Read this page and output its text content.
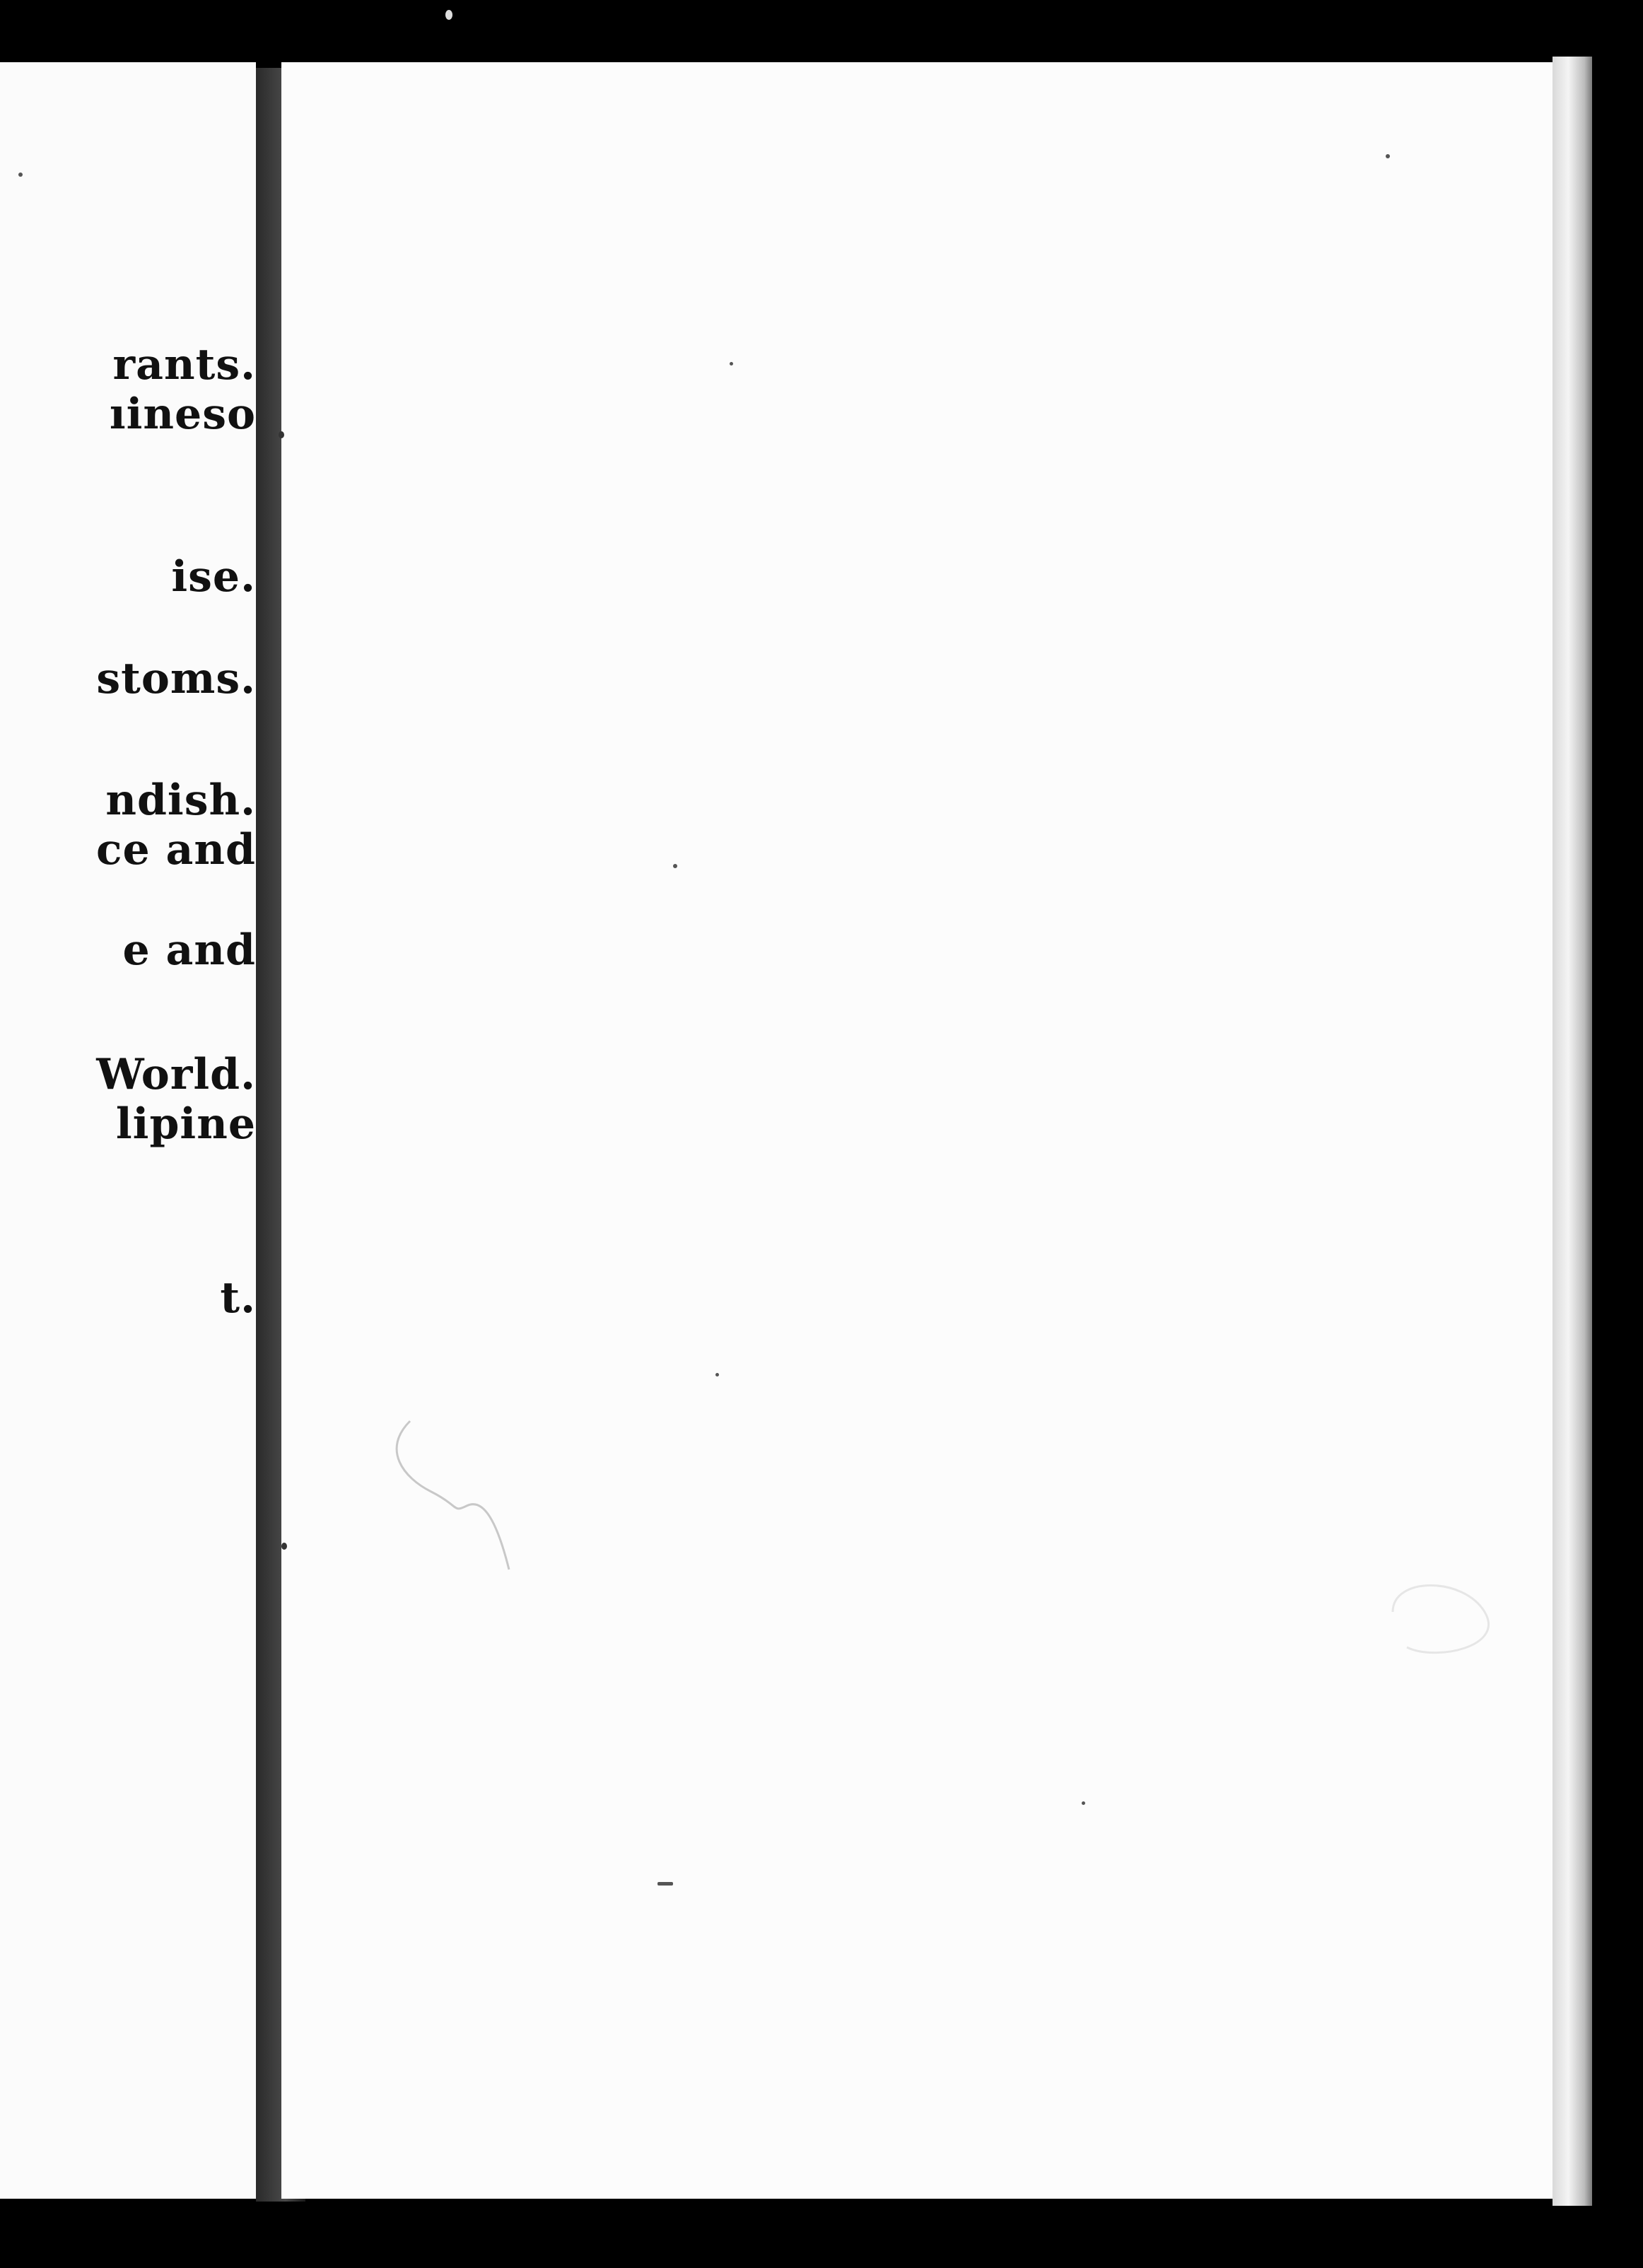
rants.
ıineso
ise.
stoms.
ndish.
ce and
e and
World.
lipine
t.
